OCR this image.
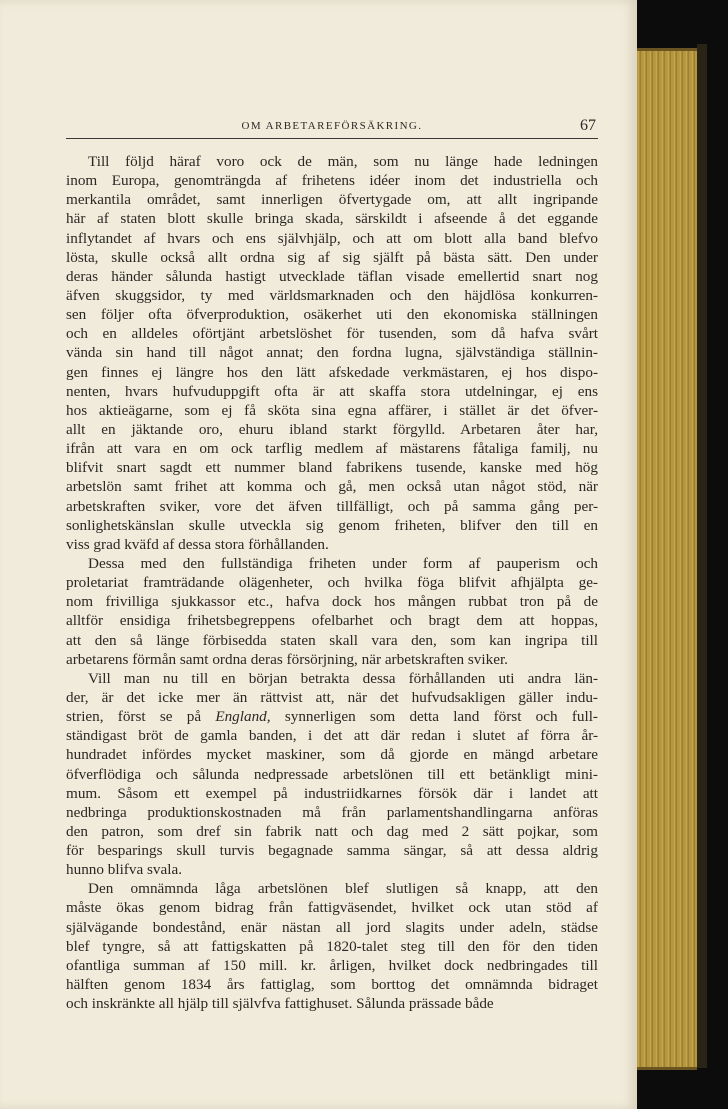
OM ARBETAREFÖRSÄKRING.	67
Till följd häraf voro ock de män, som nu länge hade ledningen
inom Europa, genomträngda af frihetens idéer inom det industriella och
merkantila området, samt innerligen öfvertygade om, att allt ingripande
här af staten blott skulle bringa skada, särskildt i afseende å det eggande
inflytandet af hvars och ens självhjälp, och att om blott alla band blefvo
lösta, skulle också allt ordna sig af sig själft på bästa sätt. Den under
deras händer sålunda hastigt utvecklade täflan visade emellertid snart nog
äfven skuggsidor, ty med världsmarknaden och den häjdlösa konkurren-
sen följer ofta öfverproduktion, osäkerhet uti den ekonomiska ställningen
och en alldeles oförtjänt arbetslöshet för tusenden, som då hafva svårt
vända sin hand till något annat; den fordna lugna, självständiga ställnin-
gen finnes ej längre hos den lätt afskedade verkmästaren, ej hos dispo-
nenten, hvars hufvuduppgift ofta är att skaffa stora utdelningar, ej ens
hos aktieägarne, som ej få sköta sina egna affärer, i stället är det öfver-
allt en jäktande oro, ehuru ibland starkt förgylld. Arbetaren åter har,
ifrån att vara en om ock tarflig medlem af mästarens fåtaliga familj, nu
blifvit snart sagdt ett nummer bland fabrikens tusende, kanske med hög
arbetslön samt frihet att komma och gå, men också utan något stöd, när
arbetskraften sviker, vore det äfven tillfälligt, och på samma gång per-
sonlighetskänslan skulle utveckla sig genom friheten, blifver den till en
viss grad kväfd af dessa stora förhållanden.
Dessa med den fullständiga friheten under form af pauperism och
proletariat framträdande olägenheter, och hvilka föga blifvit afhjälpta ge-
nom frivilliga sjukkassor etc., hafva dock hos mången rubbat tron på de
alltför ensidiga frihetsbegreppens ofelbarhet och bragt dem att hoppas,
att den så länge förbisedda staten skall vara den, som kan ingripa till
arbetarens förmån samt ordna deras försörjning, när arbetskraften sviker.
Vill man nu till en början betrakta dessa förhållanden uti andra län-
der, är det icke mer än rättvist att, när det hufvudsakligen gäller indu-
strien, först se på England, synnerligen som detta land först och full-
ständigast bröt de gamla banden, i det att där redan i slutet af förra år-
hundradet infördes mycket maskiner, som då gjorde en mängd arbetare
öfverflödiga och sålunda nedpressade arbetslönen till ett betänkligt mini-
mum. Såsom ett exempel på industriidkarnes försök där i landet att
nedbringa produktionskostnaden må från parlamentshandlingarna anföras
den patron, som dref sin fabrik natt och dag med 2 sätt pojkar, som
för besparings skull turvis begagnade samma sängar, så att dessa aldrig
hunno blifva svala.
Den omnämnda låga arbetslönen blef slutligen så knapp, att den
måste ökas genom bidrag från fattigväsendet, hvilket ock utan stöd af
självägande bondestånd, enär nästan all jord slagits under adeln, städse
blef tyngre, så att fattigskatten på 1820-talet steg till den för den tiden
ofantliga summan af 150 mill. kr. årligen, hvilket dock nedbringades till
hälften genom 1834 års fattiglag, som borttog det omnämnda bidraget
och inskränkte all hjälp till självfva fattighuset. Sålunda prässade både
